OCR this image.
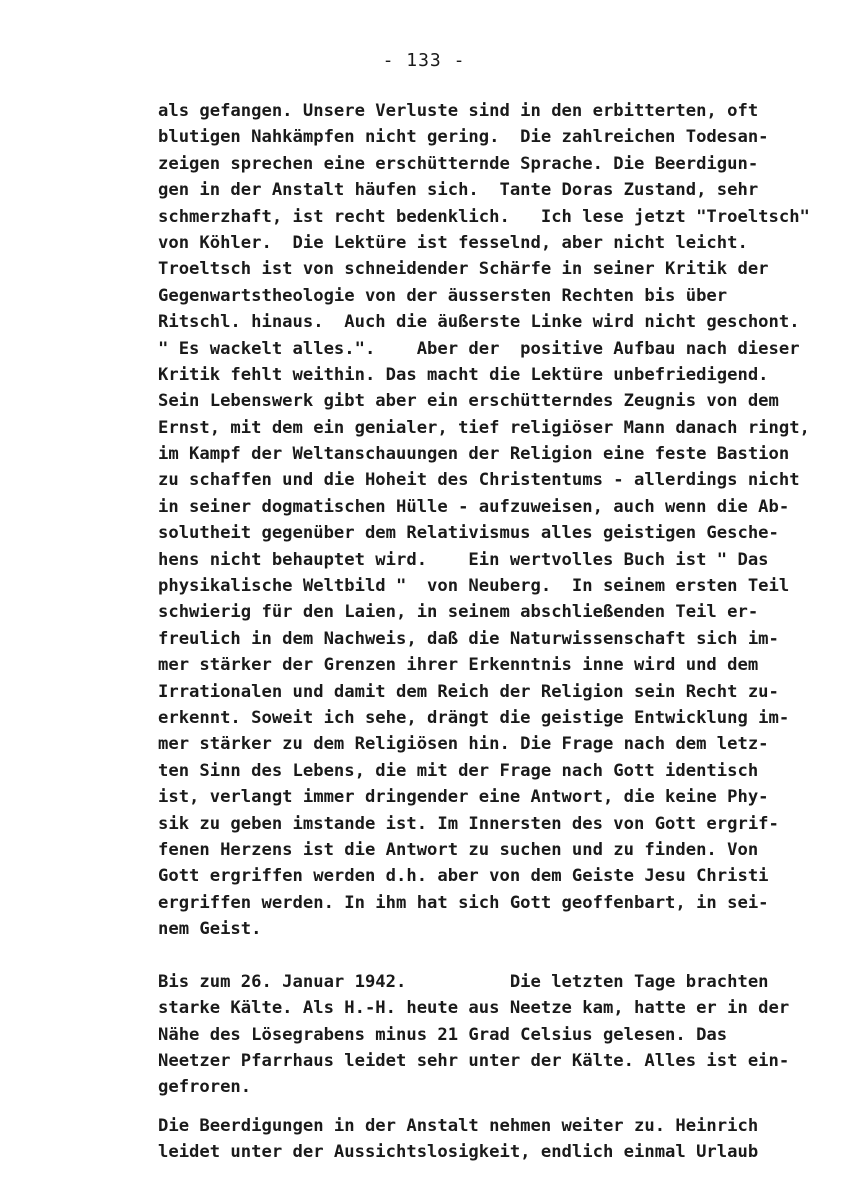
- 133 -
als gefangen. Unsere Verluste sind in den erbitterten, oft
blutigen Nahkämpfen nicht gering.  Die zahlreichen Todesan-
zeigen sprechen eine erschütternde Sprache. Die Beerdigun-
gen in der Anstalt häufen sich.  Tante Doras Zustand, sehr
schmerzhaft, ist recht bedenklich.   Ich lese jetzt "Troeltsch"
von Köhler.  Die Lektüre ist fesselnd, aber nicht leicht.
Troeltsch ist von schneidender Schärfe in seiner Kritik der
Gegenwartstheologie von der äussersten Rechten bis über
Ritschl. hinaus.  Auch die äußerste Linke wird nicht geschont.
" Es wackelt alles.".    Aber der  positive Aufbau nach dieser
Kritik fehlt weithin. Das macht die Lektüre unbefriedigend.
Sein Lebenswerk gibt aber ein erschütterndes Zeugnis von dem
Ernst, mit dem ein genialer, tief religiöser Mann danach ringt,
im Kampf der Weltanschauungen der Religion eine feste Bastion
zu schaffen und die Hoheit des Christentums - allerdings nicht
in seiner dogmatischen Hülle - aufzuweisen, auch wenn die Ab-
solutheit gegenüber dem Relativismus alles geistigen Gesche-
hens nicht behauptet wird.    Ein wertvolles Buch ist " Das
physikalische Weltbild "  von Neuberg.  In seinem ersten Teil
schwierig für den Laien, in seinem abschließenden Teil er-
freulich in dem Nachweis, daß die Naturwissenschaft sich im-
mer stärker der Grenzen ihrer Erkenntnis inne wird und dem
Irrationalen und damit dem Reich der Religion sein Recht zu-
erkennt. Soweit ich sehe, drängt die geistige Entwicklung im-
mer stärker zu dem Religiösen hin. Die Frage nach dem letz-
ten Sinn des Lebens, die mit der Frage nach Gott identisch
ist, verlangt immer dringender eine Antwort, die keine Phy-
sik zu geben imstande ist. Im Innersten des von Gott ergrif-
fenen Herzens ist die Antwort zu suchen und zu finden. Von
Gott ergriffen werden d.h. aber von dem Geiste Jesu Christi
ergriffen werden. In ihm hat sich Gott geoffenbart, in sei-
nem Geist.
Bis zum 26. Januar 1942.          Die letzten Tage brachten
starke Kälte. Als H.-H. heute aus Neetze kam, hatte er in der
Nähe des Lösegrabens minus 21 Grad Celsius gelesen. Das
Neetzer Pfarrhaus leidet sehr unter der Kälte. Alles ist ein-
gefroren.
Die Beerdigungen in der Anstalt nehmen weiter zu. Heinrich
leidet unter der Aussichtslosigkeit, endlich einmal Urlaub
